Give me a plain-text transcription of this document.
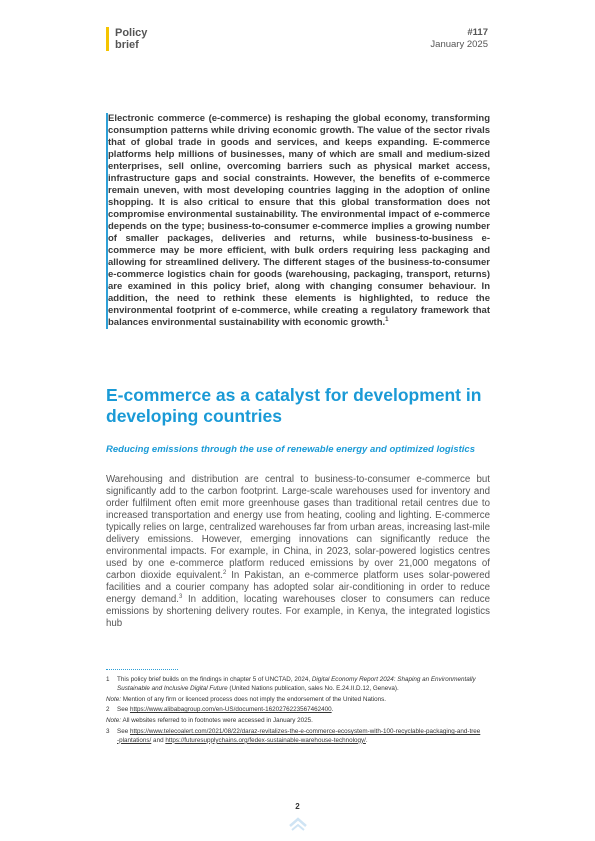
Policy
brief
#117
January 2025

Electronic commerce (e-commerce) is reshaping the global economy, transforming consumption patterns while driving economic growth. The value of the sector rivals that of global trade in goods and services, and keeps expanding. E-commerce platforms help millions of businesses, many of which are small and medium-sized enterprises, sell online, overcoming barriers such as physical market access, infrastructure gaps and social constraints. However, the benefits of e-commerce remain uneven, with most developing countries lagging in the adoption of online shopping. It is also critical to ensure that this global transformation does not compromise environmental sustainability. The environmental impact of e-commerce depends on the type; business-to-consumer e-commerce implies a growing number of smaller packages, deliveries and returns, while business-to-business e-commerce may be more efficient, with bulk orders requiring less packaging and allowing for streamlined delivery. The different stages of the business-to-consumer e-commerce logistics chain for goods (warehousing, packaging, transport, returns) are examined in this policy brief, along with changing consumer behaviour. In addition, the need to rethink these elements is highlighted, to reduce the environmental footprint of e-commerce, while creating a regulatory framework that balances environmental sustainability with economic growth.$^1$

E-commerce as a catalyst for development in developing countries
Reducing emissions through the use of renewable energy and optimized logistics

Warehousing and distribution are central to business-to-consumer e-commerce but significantly add to the carbon footprint. Large-scale warehouses used for inventory and order fulfilment often emit more greenhouse gases than traditional retail centres due to increased transportation and energy use from heating, cooling and lighting. E-commerce typically relies on large, centralized warehouses far from urban areas, increasing last-mile delivery emissions. However, emerging innovations can significantly reduce the environmental impacts. For example, in China, in 2023, solar-powered logistics centres used by one e-commerce platform reduced emissions by over 21,000 megatons of carbon dioxide equivalent.$^2$ In Pakistan, an e-commerce platform uses solar-powered facilities and a courier company has adopted solar air-conditioning in order to reduce energy demand.$^3$ In addition, locating warehouses closer to consumers can reduce emissions by shortening delivery routes. For example, in Kenya, the integrated logistics hub

1	This policy brief builds on the findings in chapter 5 of UNCTAD, 2024, Digital Economy Report 2024: Shaping an Environmentally Sustainable and Inclusive Digital Future (United Nations publication, sales No. E.24.II.D.12, Geneva).
Note: Mention of any firm or licenced process does not imply the endorsement of the United Nations.
2	See https://www.alibabagroup.com/en-US/document-1620276223567462400.
Note: All websites referred to in footnotes were accessed in January 2025.
3	See https://www.telecoalert.com/2021/08/22/daraz-revitalizes-the-e-commerce-ecosystem-with-100-recyclable-packaging-and-tree-plantations/ and https://futuresupplychains.org/fedex-sustainable-warehouse-technology/.
2
